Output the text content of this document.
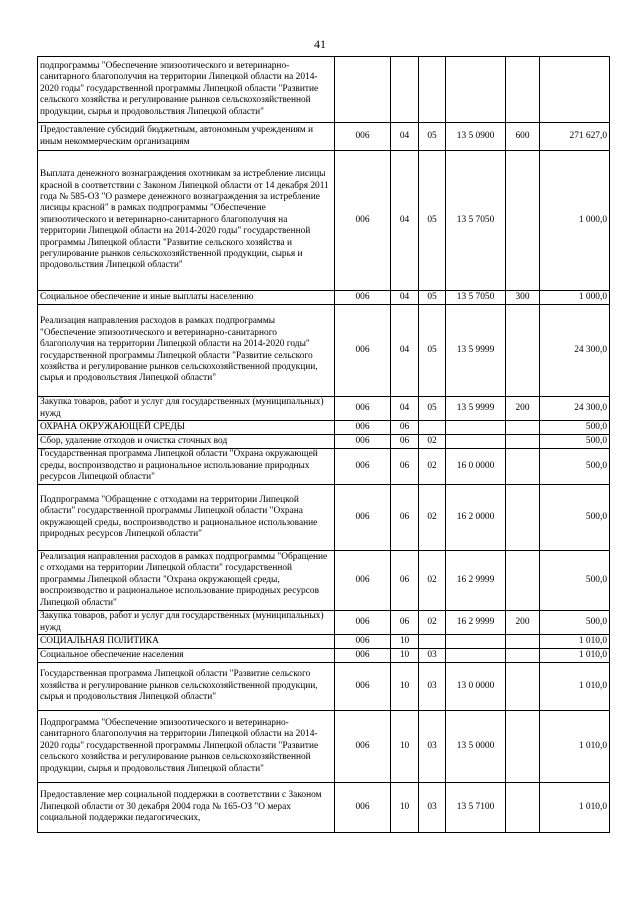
41
подпрограммы "Обеспечение эпизоотического и ветеринарно-санитарного благополучия на территории Липецкой области на 2014-2020 годы" государственной программы Липецкой области "Развитие сельского хозяйства и регулирование рынков сельскохозяйственной продукции, сырья и продовольствия Липецкой области"						
Предоставление субсидий бюджетным, автономным учреждениям и иным некоммерческим организациям	006	04	05	13 5 0900	600	271 627,0
Выплата денежного вознаграждения охотникам за истребление лисицы красной в соответствии с Законом Липецкой области от 14 декабря 2011 года № 585-ОЗ "О размере денежного вознаграждения за истребление лисицы красной" в рамках подпрограммы "Обеспечение эпизоотического и ветеринарно-санитарного благополучия на территории Липецкой области на 2014-2020 годы" государственной программы Липецкой области "Развитие сельского хозяйства и регулирование рынков сельскохозяйственной продукции, сырья и продовольствия Липецкой области"	006	04	05	13 5 7050		1 000,0
Социальное обеспечение и иные выплаты населению	006	04	05	13 5 7050	300	1 000,0
Реализация направления расходов в рамках подпрограммы "Обеспечение эпизоотического и ветеринарно-санитарного благополучия на территории Липецкой области на 2014-2020 годы" государственной программы Липецкой области "Развитие сельского хозяйства и регулирование рынков сельскохозяйственной продукции, сырья и продовольствия Липецкой области"	006	04	05	13 5 9999		24 300,0
Закупка товаров, работ и услуг для государственных (муниципальных) нужд	006	04	05	13 5 9999	200	24 300,0
ОХРАНА ОКРУЖАЮЩЕЙ СРЕДЫ	006	06				500,0
Сбор, удаление отходов и очистка сточных вод	006	06	02			500,0
Государственная программа Липецкой области "Охрана окружающей среды, воспроизводство и рациональное использование природных ресурсов Липецкой области"	006	06	02	16 0 0000		500,0
Подпрограмма "Обращение с отходами на территории Липецкой области" государственной программы Липецкой области "Охрана окружающей среды, воспроизводство и рациональное использование природных ресурсов Липецкой области"	006	06	02	16 2 0000		500,0
Реализация направления расходов в рамках подпрограммы "Обращение с отходами на территории Липецкой области" государственной программы Липецкой области "Охрана окружающей среды, воспроизводство и рациональное использование природных ресурсов Липецкой области"	006	06	02	16 2 9999		500,0
Закупка товаров, работ и услуг для государственных (муниципальных) нужд	006	06	02	16 2 9999	200	500,0
СОЦИАЛЬНАЯ ПОЛИТИКА	006	10				1 010,0
Социальное обеспечение населения	006	10	03			1 010,0
Государственная программа Липецкой области "Развитие сельского хозяйства и регулирование рынков сельскохозяйственной продукции, сырья и продовольствия Липецкой области"	006	10	03	13 0 0000		1 010,0
Подпрограмма "Обеспечение эпизоотического и ветеринарно-санитарного благополучия на территории Липецкой области на 2014-2020 годы" государственной программы Липецкой области "Развитие сельского хозяйства и регулирование рынков сельскохозяйственной продукции, сырья и продовольствия Липецкой области"	006	10	03	13 5 0000		1 010,0
Предоставление мер социальной поддержки в соответствии с Законом Липецкой области от 30 декабря 2004 года № 165-ОЗ "О мерах социальной поддержки педагогических,	006	10	03	13 5 7100		1 010,0
